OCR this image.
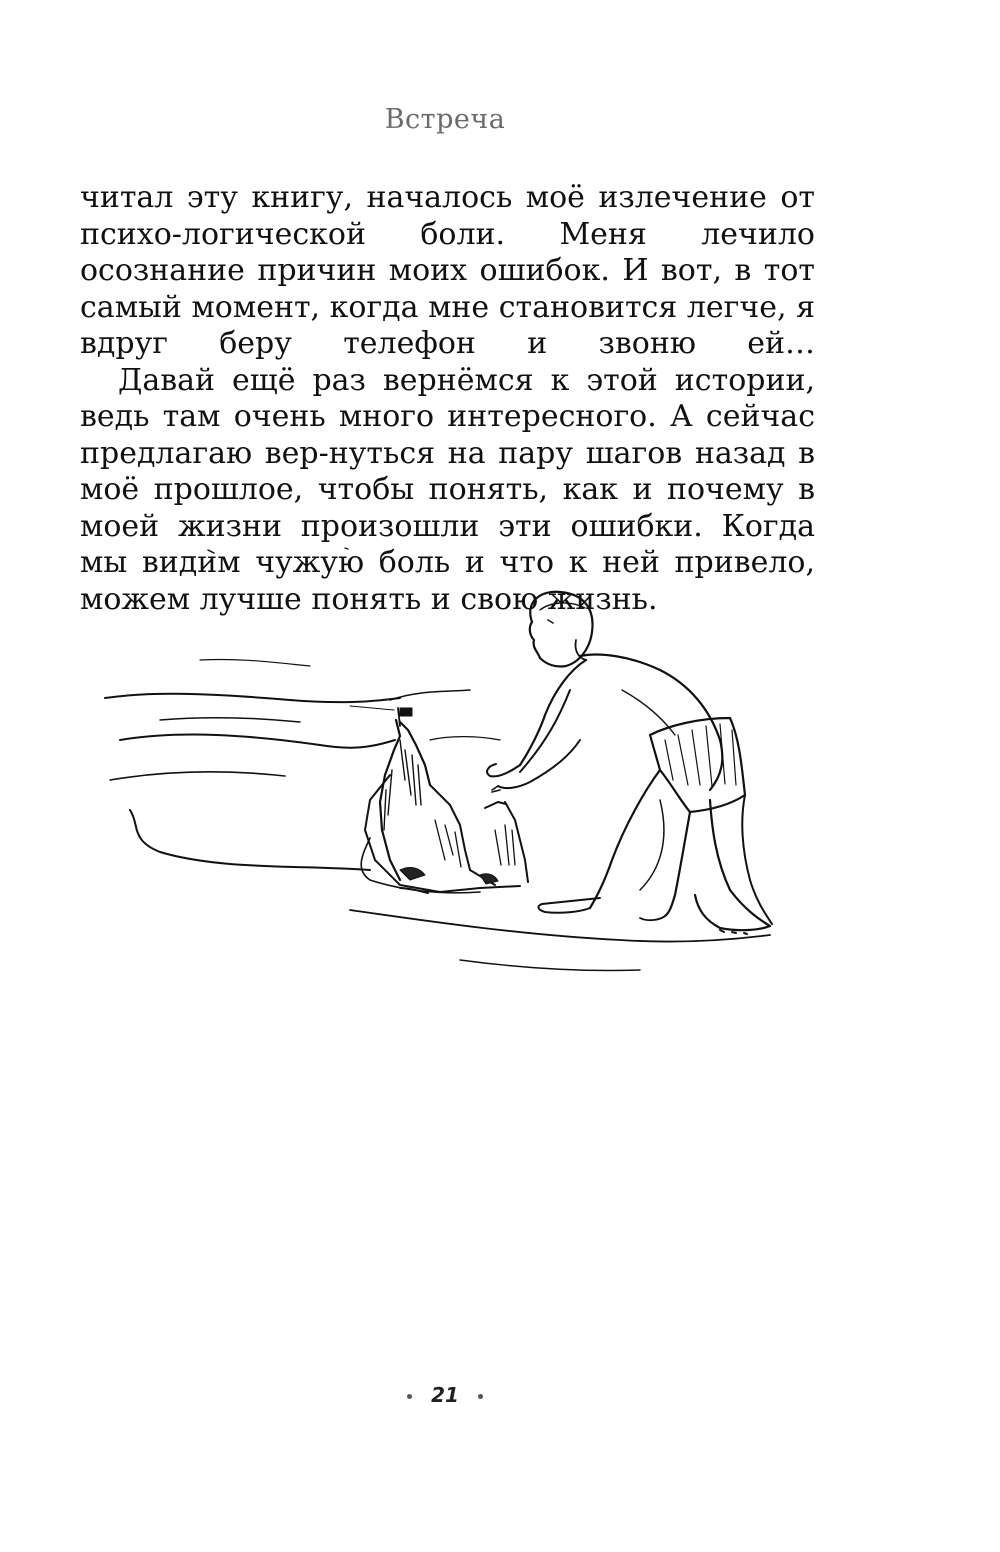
Встреча

читал эту книгу, началось моё излечение от психо-логической боли. Меня лечило осознание причин моих ошибок. И вот, в тот самый момент, когда мне становится легче, я вдруг беру телефон и звоню ей…

Давай ещё раз вернёмся к этой истории, ведь там очень много интересного. А сейчас предлагаю вер-нуться на пару шагов назад в моё прошлое, чтобы понять, как и почему в моей жизни произошли эти ошибки. Когда мы видим чужую боль и что к ней привело, можем лучше понять и свою жизнь.

21
